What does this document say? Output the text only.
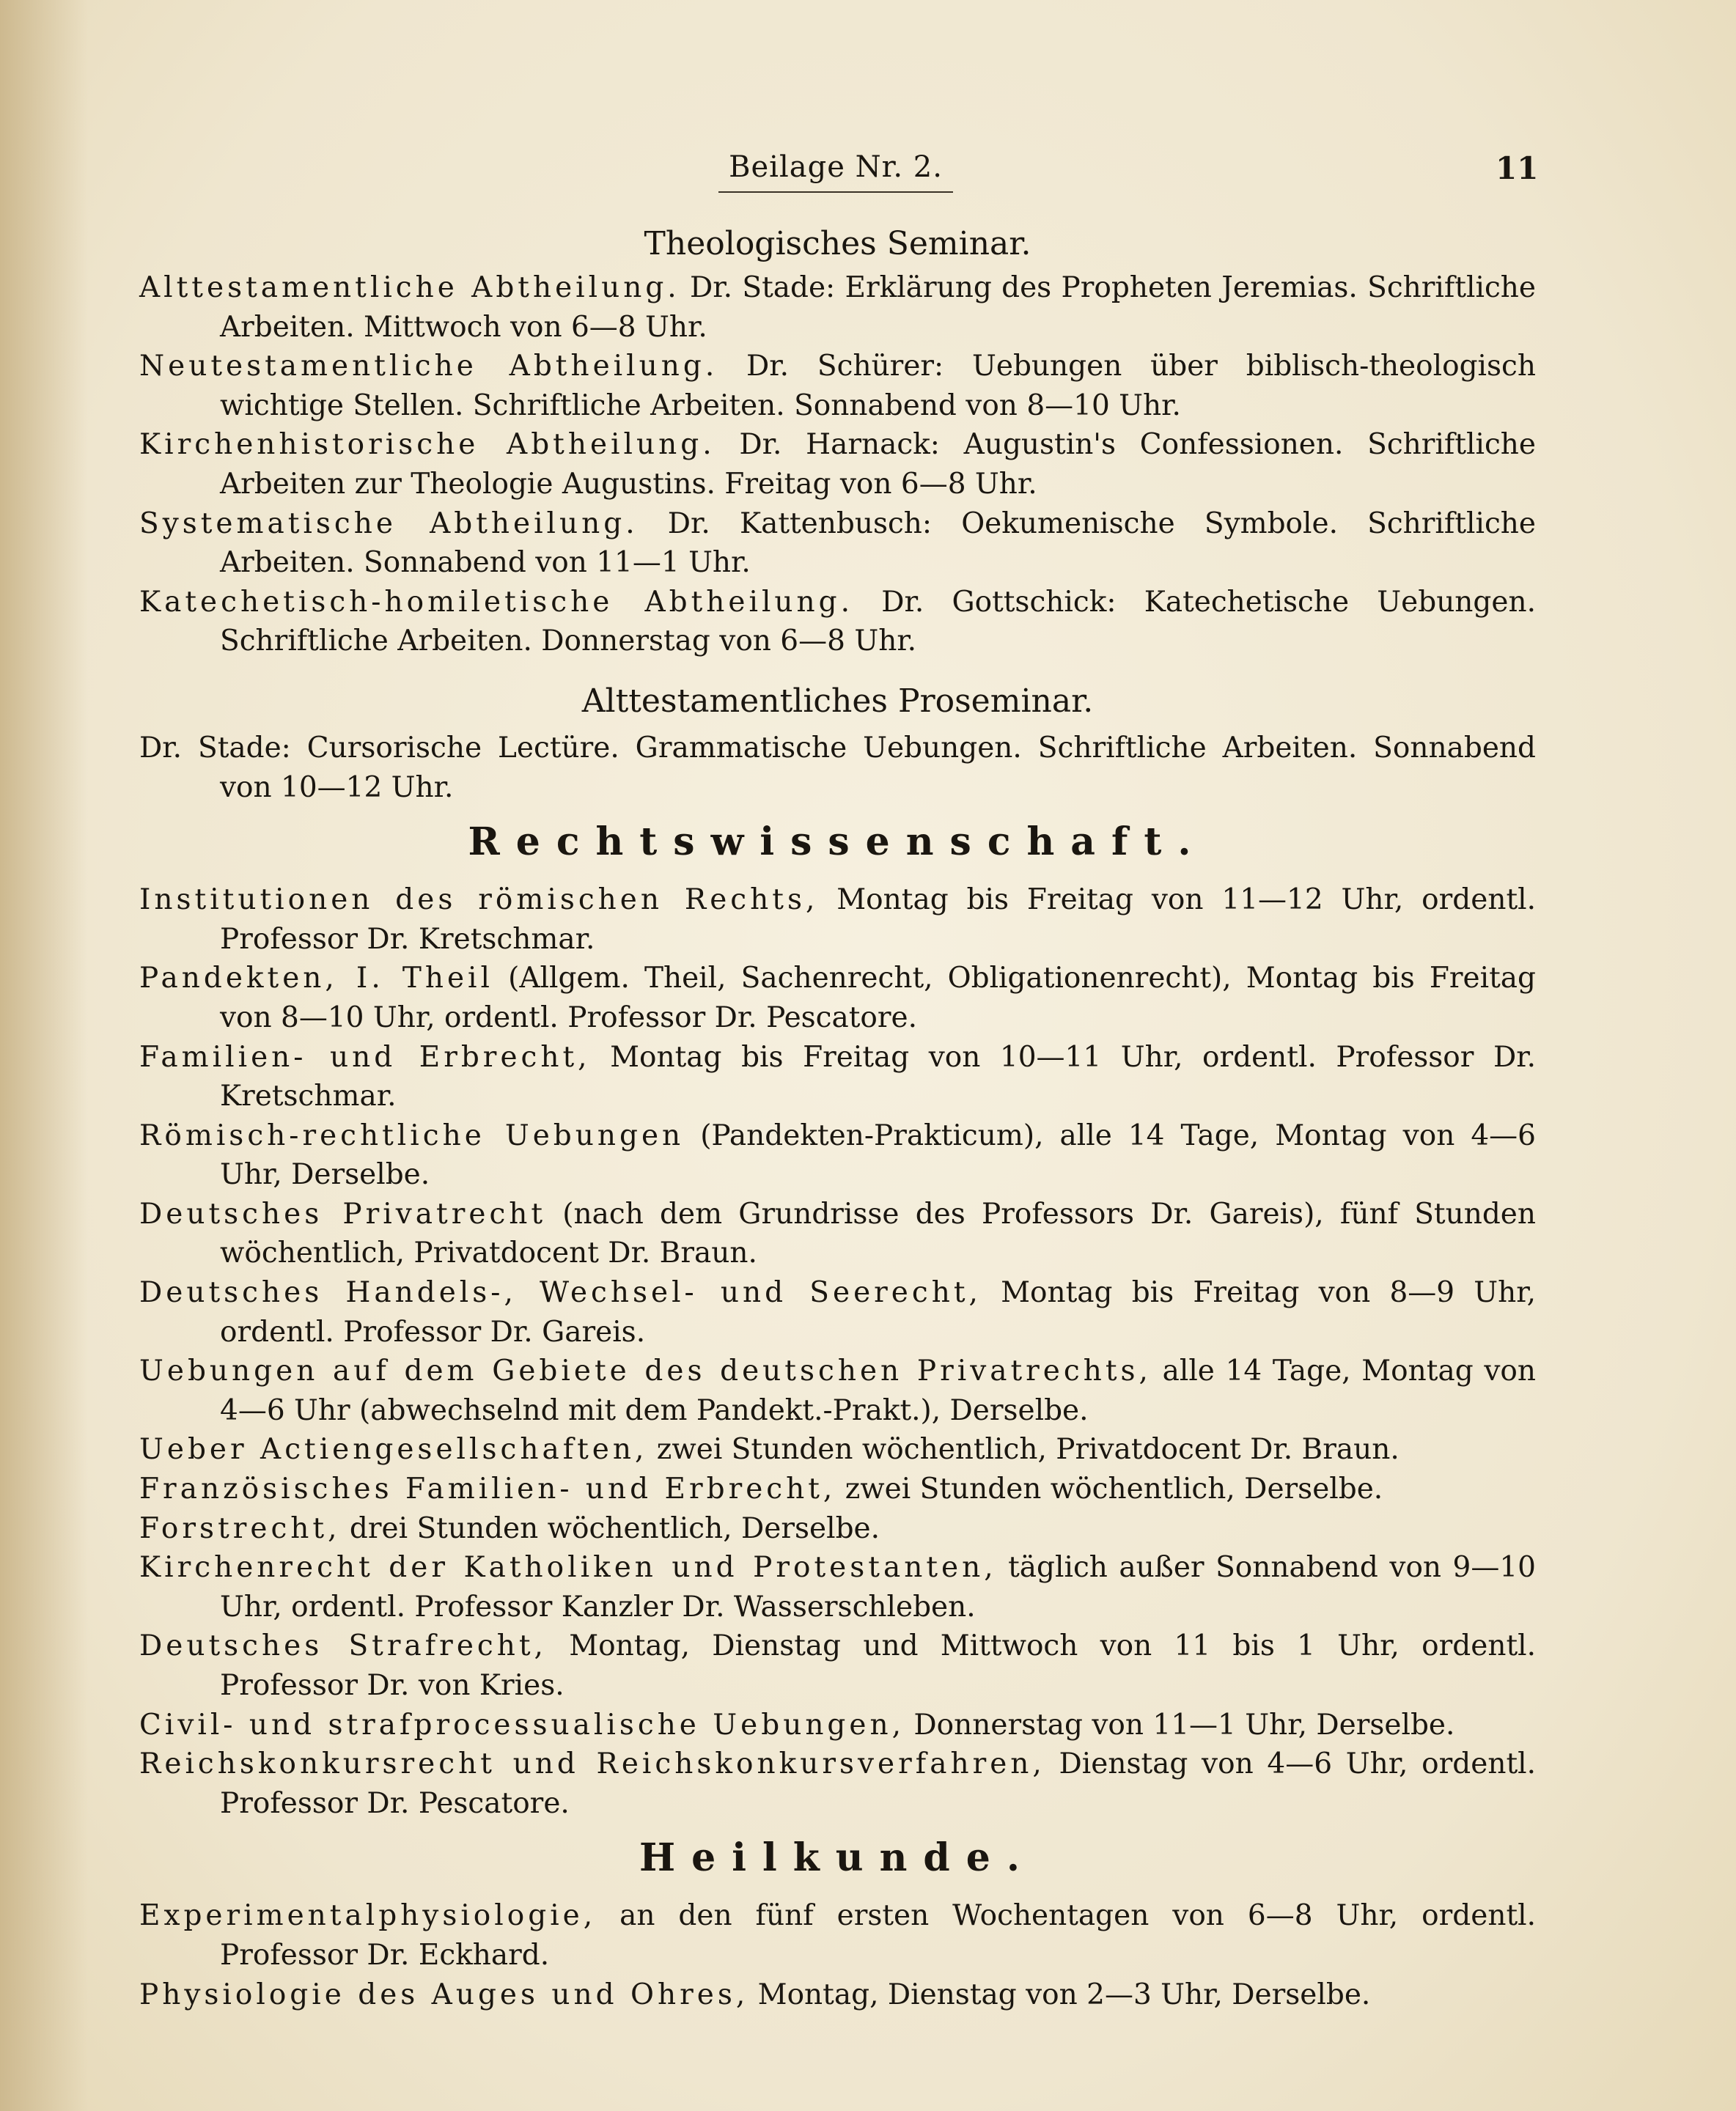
Beilage Nr. 2.	11
Theologisches Seminar.

Alttestamentliche Abtheilung. Dr. Stade: Erklärung des Propheten Jeremias. Schriftliche Arbeiten. Mittwoch von 6—8 Uhr.

Neutestamentliche Abtheilung. Dr. Schürer: Uebungen über biblisch-theologisch wichtige Stellen. Schriftliche Arbeiten. Sonnabend von 8—10 Uhr.

Kirchenhistorische Abtheilung. Dr. Harnack: Augustin's Confessionen. Schriftliche Arbeiten zur Theologie Augustins. Freitag von 6—8 Uhr.

Systematische Abtheilung. Dr. Kattenbusch: Oekumenische Symbole. Schriftliche Arbeiten. Sonnabend von 11—1 Uhr.

Katechetisch-homiletische Abtheilung. Dr. Gottschick: Katechetische Uebungen. Schriftliche Arbeiten. Donnerstag von 6—8 Uhr.

Alttestamentliches Proseminar.

Dr. Stade: Cursorische Lectüre. Grammatische Uebungen. Schriftliche Arbeiten. Sonnabend von 10—12 Uhr.

Rechtswissenschaft.

Institutionen des römischen Rechts, Montag bis Freitag von 11—12 Uhr, ordentl. Professor Dr. Kretschmar.

Pandekten, I. Theil (Allgem. Theil, Sachenrecht, Obligationenrecht), Montag bis Freitag von 8—10 Uhr, ordentl. Professor Dr. Pescatore.

Familien- und Erbrecht, Montag bis Freitag von 10—11 Uhr, ordentl. Professor Dr. Kretschmar.

Römisch-rechtliche Uebungen (Pandekten-Prakticum), alle 14 Tage, Montag von 4—6 Uhr, Derselbe.

Deutsches Privatrecht (nach dem Grundrisse des Professors Dr. Gareis), fünf Stunden wöchentlich, Privatdocent Dr. Braun.

Deutsches Handels-, Wechsel- und Seerecht, Montag bis Freitag von 8—9 Uhr, ordentl. Professor Dr. Gareis.

Uebungen auf dem Gebiete des deutschen Privatrechts, alle 14 Tage, Montag von 4—6 Uhr (abwechselnd mit dem Pandekt.-Prakt.), Derselbe.

Ueber Actiengesellschaften, zwei Stunden wöchentlich, Privatdocent Dr. Braun.

Französisches Familien- und Erbrecht, zwei Stunden wöchentlich, Derselbe.

Forstrecht, drei Stunden wöchentlich, Derselbe.

Kirchenrecht der Katholiken und Protestanten, täglich außer Sonnabend von 9—10 Uhr, ordentl. Professor Kanzler Dr. Wasserschleben.

Deutsches Strafrecht, Montag, Dienstag und Mittwoch von 11 bis 1 Uhr, ordentl. Professor Dr. von Kries.

Civil- und strafprocessualische Uebungen, Donnerstag von 11—1 Uhr, Derselbe.

Reichskonkursrecht und Reichskonkursverfahren, Dienstag von 4—6 Uhr, ordentl. Professor Dr. Pescatore.

Heilkunde.

Experimentalphysiologie, an den fünf ersten Wochentagen von 6—8 Uhr, ordentl. Professor Dr. Eckhard.

Physiologie des Auges und Ohres, Montag, Dienstag von 2—3 Uhr, Derselbe.
